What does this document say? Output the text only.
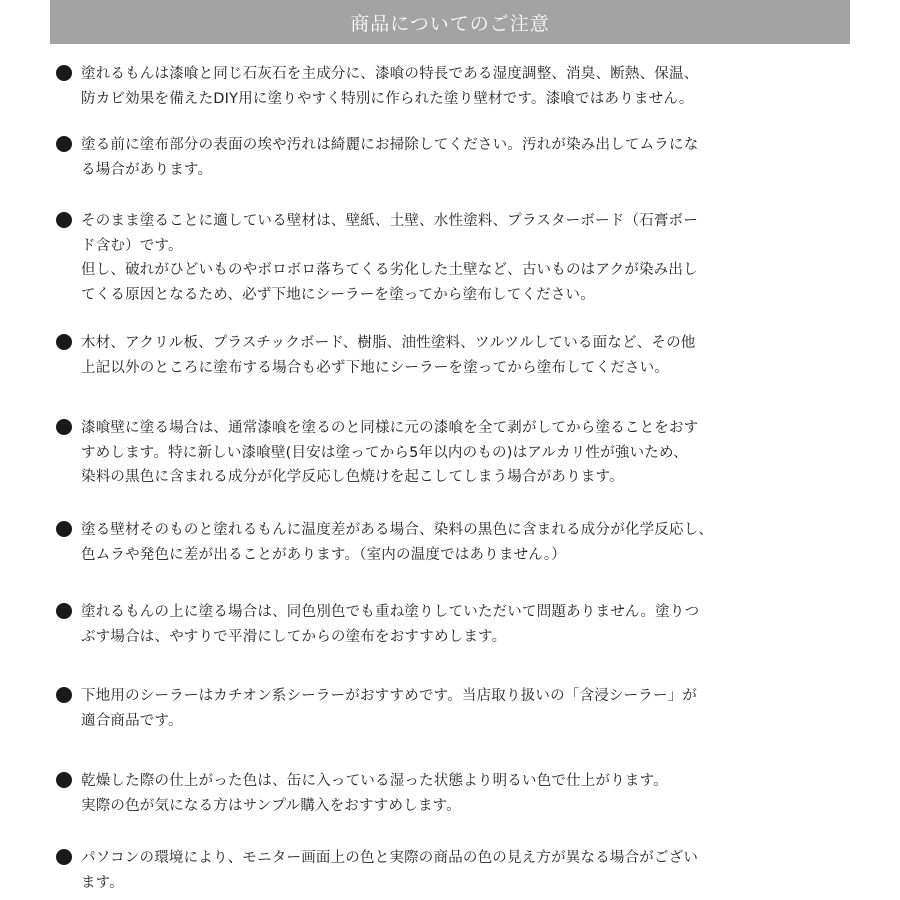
商品についてのご注意
塗れるもんは漆喰と同じ石灰石を主成分に、漆喰の特長である湿度調整、消臭、断熱、保温、
防カビ効果を備えたDIY用に塗りやすく特別に作られた塗り壁材です。漆喰ではありません。
塗る前に塗布部分の表面の埃や汚れは綺麗にお掃除してください。汚れが染み出してムラにな
る場合があります。
そのまま塗ることに適している壁材は、壁紙、土壁、水性塗料、プラスターボード（石膏ボー
ド含む）です。
但し、破れがひどいものやボロボロ落ちてくる劣化した土壁など、古いものはアクが染み出し
てくる原因となるため、必ず下地にシーラーを塗ってから塗布してください。
木材、アクリル板、プラスチックボード、樹脂、油性塗料、ツルツルしている面など、その他
上記以外のところに塗布する場合も必ず下地にシーラーを塗ってから塗布してください。
漆喰壁に塗る場合は、通常漆喰を塗るのと同様に元の漆喰を全て剥がしてから塗ることをおす
すめします。特に新しい漆喰壁(目安は塗ってから5年以内のもの)はアルカリ性が強いため、
染料の黒色に含まれる成分が化学反応し色焼けを起こしてしまう場合があります。
塗る壁材そのものと塗れるもんに温度差がある場合、染料の黒色に含まれる成分が化学反応し、
色ムラや発色に差が出ることがあります。（室内の温度ではありません。）
塗れるもんの上に塗る場合は、同色別色でも重ね塗りしていただいて問題ありません。塗りつ
ぶす場合は、やすりで平滑にしてからの塗布をおすすめします。
下地用のシーラーはカチオン系シーラーがおすすめです。当店取り扱いの「含浸シーラー」が
適合商品です。
乾燥した際の仕上がった色は、缶に入っている湿った状態より明るい色で仕上がります。
実際の色が気になる方はサンプル購入をおすすめします。
パソコンの環境により、モニター画面上の色と実際の商品の色の見え方が異なる場合がござい
ます。
